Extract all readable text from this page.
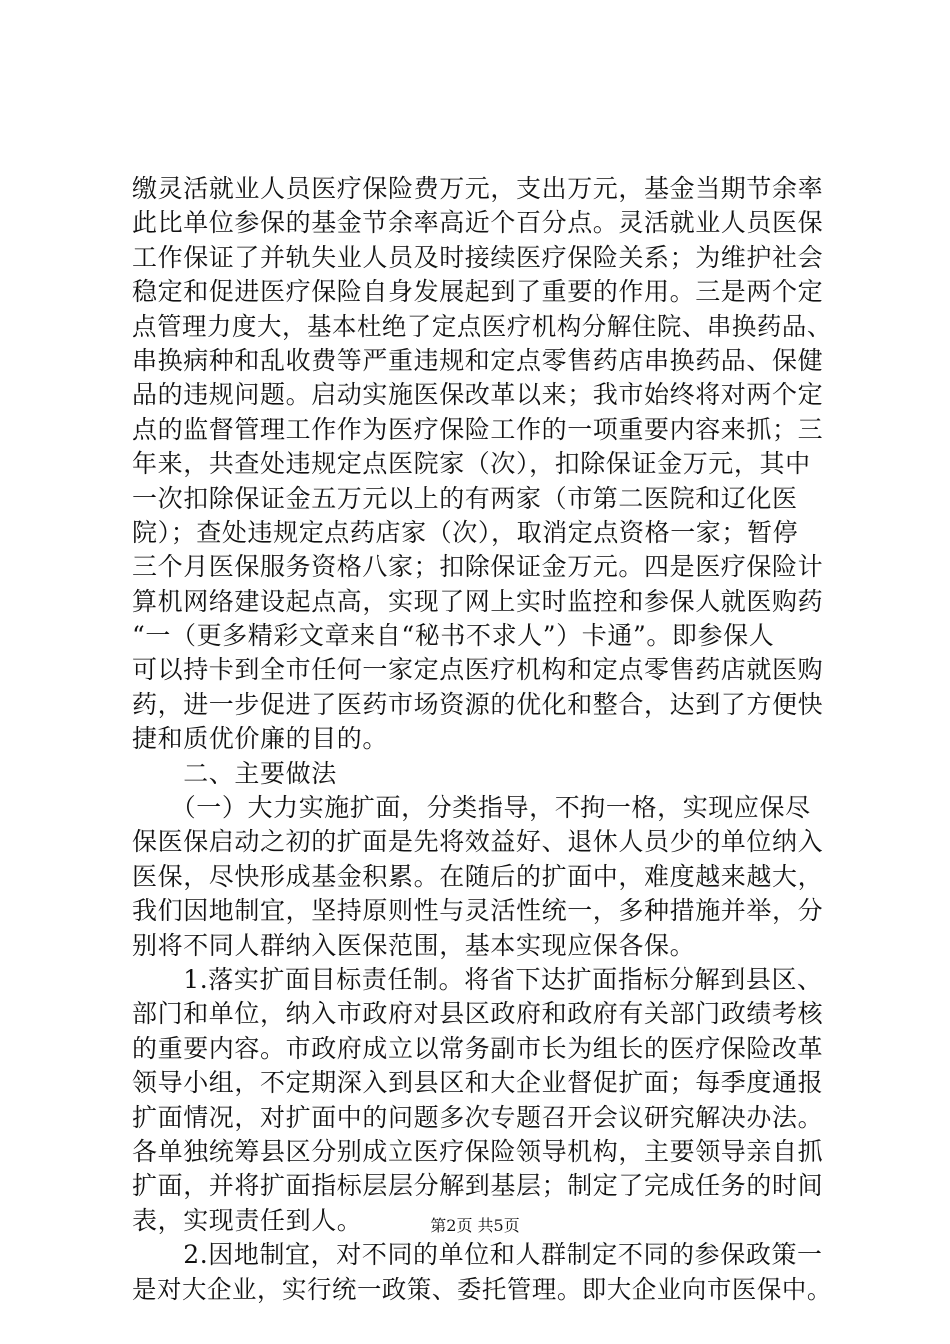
缴灵活就业人员医疗保险费万元，支出万元，基金当期节余率
此比单位参保的基金节余率高近个百分点。灵活就业人员医保
工作保证了并轨失业人员及时接续医疗保险关系；为维护社会
稳定和促进医疗保险自身发展起到了重要的作用。三是两个定
点管理力度大，基本杜绝了定点医疗机构分解住院、串换药品、
串换病种和乱收费等严重违规和定点零售药店串换药品、保健
品的违规问题。启动实施医保改革以来；我市始终将对两个定
点的监督管理工作作为医疗保险工作的一项重要内容来抓；三
年来，共查处违规定点医院家（次），扣除保证金万元，其中
一次扣除保证金五万元以上的有两家（市第二医院和辽化医
院）；查处违规定点药店家（次），取消定点资格一家；暂停
三个月医保服务资格八家；扣除保证金万元。四是医疗保险计
算机网络建设起点高，实现了网上实时监控和参保人就医购药
“一（更多精彩文章来自“秘书不求人”）卡通”。即参保人
可以持卡到全市任何一家定点医疗机构和定点零售药店就医购
药，进一步促进了医药市场资源的优化和整合，达到了方便快
捷和质优价廉的目的。
　　二、主要做法
　　（一）大力实施扩面，分类指导，不拘一格，实现应保尽
保医保启动之初的扩面是先将效益好、退休人员少的单位纳入
医保，尽快形成基金积累。在随后的扩面中，难度越来越大，
我们因地制宜，坚持原则性与灵活性统一，多种措施并举，分
别将不同人群纳入医保范围，基本实现应保各保。
　　1.落实扩面目标责任制。将省下达扩面指标分解到县区、
部门和单位，纳入市政府对县区政府和政府有关部门政绩考核
的重要内容。市政府成立以常务副市长为组长的医疗保险改革
领导小组，不定期深入到县区和大企业督促扩面；每季度通报
扩面情况，对扩面中的问题多次专题召开会议研究解决办法。
各单独统筹县区分别成立医疗保险领导机构，主要领导亲自抓
扩面，并将扩面指标层层分解到基层；制定了完成任务的时间
表，实现责任到人。
　　2.因地制宜，对不同的单位和人群制定不同的参保政策一
是对大企业，实行统一政策、委托管理。即大企业向市医保中。
第2页 共5页
